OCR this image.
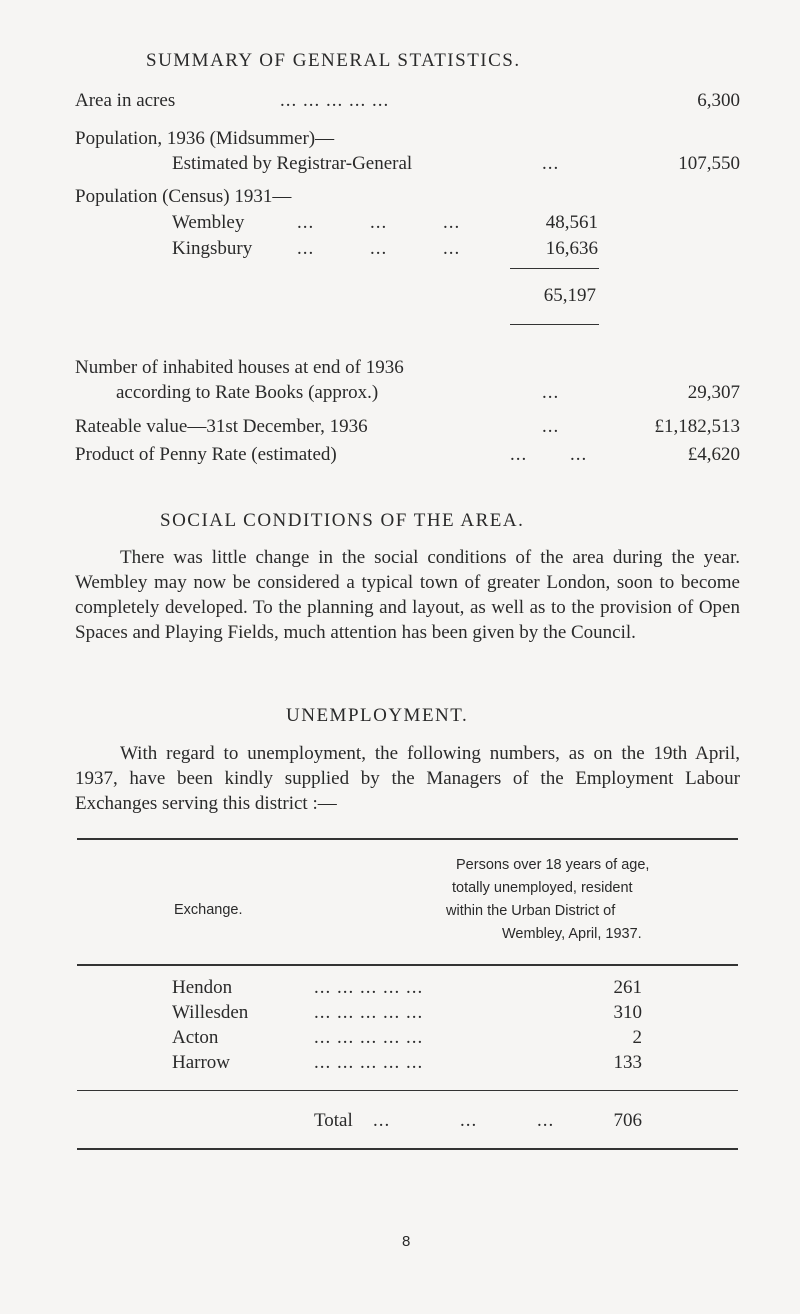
SUMMARY OF GENERAL STATISTICS.
Area in acres	... ... ... ... ...	6,300
Population, 1936 (Midsummer)—
Estimated by Registrar-General	...	107,550
Population (Census) 1931—
Wembley	...	...	...	48,561
Kingsbury ...	...	...	16,636
65,197
Number of inhabited houses at end of 1936
according to Rate Books (approx.)	...	29,307
Rateable value—31st December, 1936	...	£1,182,513
Product of Penny Rate (estimated)	... ...	£4,620
SOCIAL CONDITIONS OF THE AREA.
There was little change in the social conditions of the area during the year. Wembley may now be considered a typical town of greater London, soon to become completely developed. To the planning and layout, as well as to the provision of Open Spaces and Playing Fields, much attention has been given by the Council.
UNEMPLOYMENT.
With regard to unemployment, the following numbers, as on the 19th April, 1937, have been kindly supplied by the Managers of the Employment Labour Exchanges serving this district :—
Exchange.
Persons over 18 years of age,
totally unemployed, resident
within the Urban District of
Wembley, April, 1937.
Hendon	... ... ... ... ...	261
Willesden	... ... ... ... ...	310
Acton	... ... ... ... ...	2
Harrow	... ... ... ... ...	133
Total ...	...	...	706
8
